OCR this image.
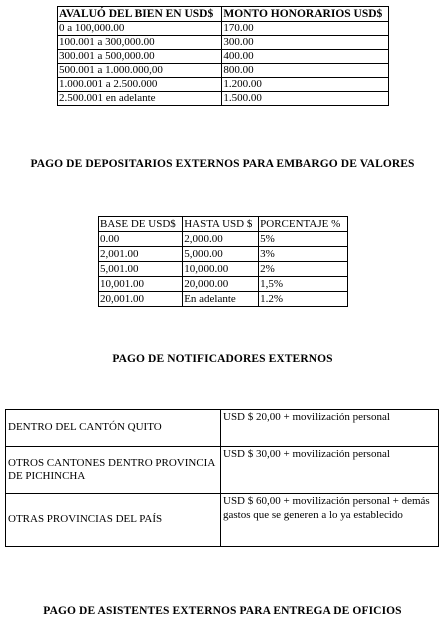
AVALUÓ DEL BIEN EN USD$	MONTO HONORARIOS USD$
0 a 100,000.00	170.00
100.001 a 300,000.00	300.00
300.001 a 500,000.00	400.00
500.001 a 1.000.000,00	800.00
1.000.001 a 2.500.000	1.200.00
2.500.001 en adelante	1.500.00
PAGO DE DEPOSITARIOS EXTERNOS PARA EMBARGO DE VALORES
BASE DE USD$	HASTA USD $	PORCENTAJE %
0.00	2,000.00	5%
2,001.00	5,000.00	3%
5,001.00	10,000.00	2%
10,001.00	20,000.00	1,5%
20,001.00	En adelante	1.2%
PAGO DE NOTIFICADORES EXTERNOS
DENTRO DEL CANTÓN QUITO	USD $ 20,00 + movilización personal
OTROS CANTONES DENTRO PROVINCIA DE PICHINCHA	USD $ 30,00 + movilización personal
OTRAS PROVINCIAS DEL PAÍS	USD $ 60,00 + movilización personal + demás gastos que se generen a lo ya establecido
PAGO DE ASISTENTES EXTERNOS PARA ENTREGA DE OFICIOS
